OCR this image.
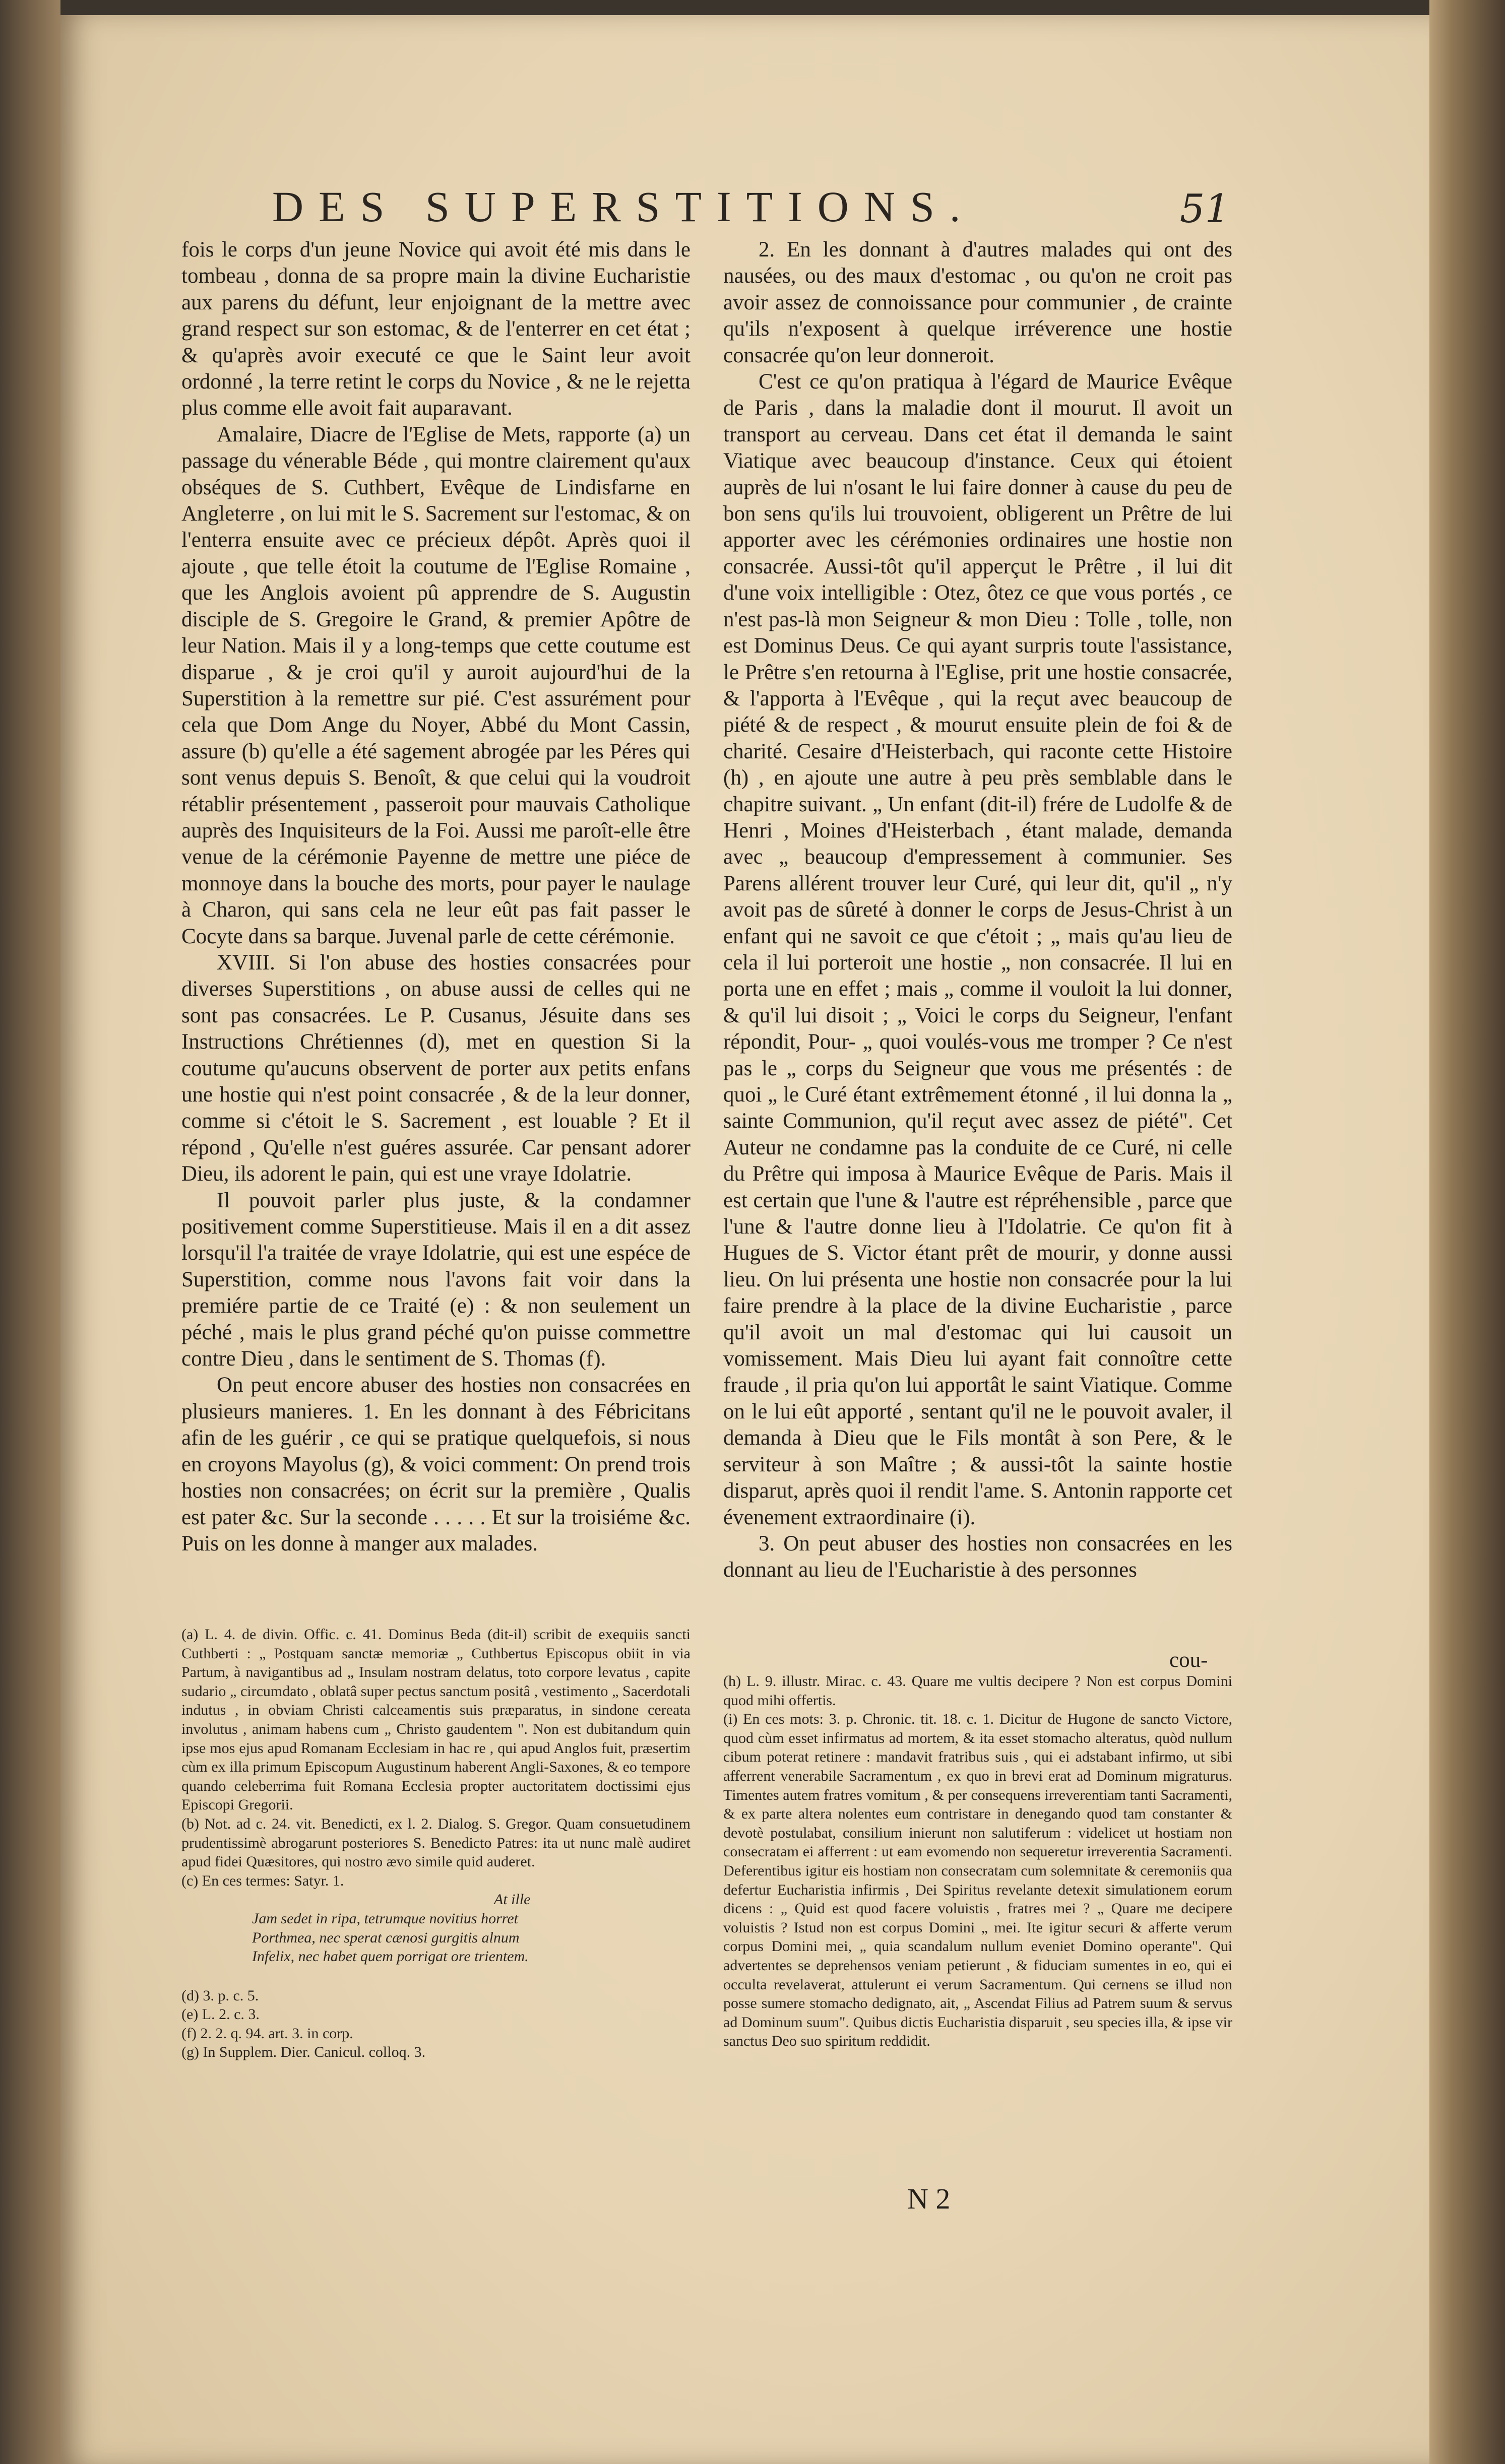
DES SUPERSTITIONS.	51

fois le corps d'un jeune Novice qui avoit été mis dans le tombeau , donna de sa propre main la divine Eucharistie aux parens du défunt, leur enjoignant de la mettre avec grand respect sur son estomac, & de l'enterrer en cet état ; & qu'après avoir executé ce que le Saint leur avoit ordonné , la terre retint le corps du Novice , & ne le rejetta plus comme elle avoit fait auparavant.

Amalaire, Diacre de l'Eglise de Mets, rapporte (a) un passage du vénerable Béde , qui montre clairement qu'aux obséques de S. Cuthbert, Evêque de Lindisfarne en Angleterre , on lui mit le S. Sacrement sur l'estomac, & on l'enterra ensuite avec ce précieux dépôt. Après quoi il ajoute , que telle étoit la coutume de l'Eglise Romaine , que les Anglois avoient pû apprendre de S. Augustin disciple de S. Gregoire le Grand, & premier Apôtre de leur Nation. Mais il y a long-temps que cette coutume est disparue , & je croi qu'il y auroit aujourd'hui de la Superstition à la remettre sur pié. C'est assurément pour cela que Dom Ange du Noyer, Abbé du Mont Cassin, assure (b) qu'elle a été sagement abrogée par les Péres qui sont venus depuis S. Benoît, & que celui qui la voudroit rétablir présentement , passeroit pour mauvais Catholique auprès des Inquisiteurs de la Foi. Aussi me paroît-elle être venue de la cérémonie Payenne de mettre une piéce de monnoye dans la bouche des morts, pour payer le naulage à Charon, qui sans cela ne leur eût pas fait passer le Cocyte dans sa barque. Juvenal parle de cette cérémonie.

XVIII. Si l'on abuse des hosties consacrées pour diverses Superstitions , on abuse aussi de celles qui ne sont pas consacrées. Le P. Cusanus, Jésuite dans ses Instructions Chrétiennes (d), met en question Si la coutume qu'aucuns observent de porter aux petits enfans une hostie qui n'est point consacrée , & de la leur donner, comme si c'étoit le S. Sacrement , est louable ? Et il répond , Qu'elle n'est guéres assurée. Car pensant adorer Dieu, ils adorent le pain, qui est une vraye Idolatrie.

Il pouvoit parler plus juste, & la condamner positivement comme Superstitieuse. Mais il en a dit assez lorsqu'il l'a traitée de vraye Idolatrie, qui est une espéce de Superstition, comme nous l'avons fait voir dans la premiére partie de ce Traité (e) : & non seulement un péché , mais le plus grand péché qu'on puisse commettre contre Dieu , dans le sentiment de S. Thomas (f).

On peut encore abuser des hosties non consacrées en plusieurs manieres. 1. En les donnant à des Fébricitans afin de les guérir , ce qui se pratique quelquefois, si nous en croyons Mayolus (g), & voici comment: On prend trois hosties non consacrées; on écrit sur la première , Qualis est pater &c. Sur la seconde . . . . . Et sur la troisiéme &c. Puis on les donne à manger aux malades.

2. En les donnant à d'autres malades qui ont des nausées, ou des maux d'estomac , ou qu'on ne croit pas avoir assez de connoissance pour communier , de crainte qu'ils n'exposent à quelque irréverence une hostie consacrée qu'on leur donneroit.

C'est ce qu'on pratiqua à l'égard de Maurice Evêque de Paris , dans la maladie dont il mourut. Il avoit un transport au cerveau. Dans cet état il demanda le saint Viatique avec beaucoup d'instance. Ceux qui étoient auprès de lui n'osant le lui faire donner à cause du peu de bon sens qu'ils lui trouvoient, obligerent un Prêtre de lui apporter avec les cérémonies ordinaires une hostie non consacrée. Aussi-tôt qu'il apperçut le Prêtre , il lui dit d'une voix intelligible : Otez, ôtez ce que vous portés , ce n'est pas-là mon Seigneur & mon Dieu : Tolle , tolle, non est Dominus Deus. Ce qui ayant surpris toute l'assistance, le Prêtre s'en retourna à l'Eglise, prit une hostie consacrée, & l'apporta à l'Evêque , qui la reçut avec beaucoup de piété & de respect , & mourut ensuite plein de foi & de charité. Cesaire d'Heisterbach, qui raconte cette Histoire (h) , en ajoute une autre à peu près semblable dans le chapitre suivant. „ Un enfant (dit-il) frére de Ludolfe & de Henri , Moines d'Heisterbach , étant malade, demanda avec „ beaucoup d'empressement à communier. Ses Parens allérent trouver leur Curé, qui leur dit, qu'il „ n'y avoit pas de sûreté à donner le corps de Jesus-Christ à un enfant qui ne savoit ce que c'étoit ; „ mais qu'au lieu de cela il lui porteroit une hostie „ non consacrée. Il lui en porta une en effet ; mais „ comme il vouloit la lui donner, & qu'il lui disoit ; „ Voici le corps du Seigneur, l'enfant répondit, Pour- „ quoi voulés-vous me tromper ? Ce n'est pas le „ corps du Seigneur que vous me présentés : de quoi „ le Curé étant extrêmement étonné , il lui donna la „ sainte Communion, qu'il reçut avec assez de piété". Cet Auteur ne condamne pas la conduite de ce Curé, ni celle du Prêtre qui imposa à Maurice Evêque de Paris. Mais il est certain que l'une & l'autre est répréhensible , parce que l'une & l'autre donne lieu à l'Idolatrie. Ce qu'on fit à Hugues de S. Victor étant prêt de mourir, y donne aussi lieu. On lui présenta une hostie non consacrée pour la lui faire prendre à la place de la divine Eucharistie , parce qu'il avoit un mal d'estomac qui lui causoit un vomissement. Mais Dieu lui ayant fait connoître cette fraude , il pria qu'on lui apportât le saint Viatique. Comme on le lui eût apporté , sentant qu'il ne le pouvoit avaler, il demanda à Dieu que le Fils montât à son Pere, & le serviteur à son Maître ; & aussi-tôt la sainte hostie disparut, après quoi il rendit l'ame. S. Antonin rapporte cet évenement extraordinaire (i).

3. On peut abuser des hosties non consacrées en les donnant au lieu de l'Eucharistie à des personnes

cou-

(a) L. 4. de divin. Offic. c. 41. Dominus Beda (dit-il) scribit de exequiis sancti Cuthberti : „ Postquam sanctæ memoriæ „ Cuthbertus Episcopus obiit in via Partum, à navigantibus ad „ Insulam nostram delatus, toto corpore levatus , capite sudario „ circumdato , oblatâ super pectus sanctum positâ , vestimento „ Sacerdotali indutus , in obviam Christi calceamentis suis præparatus, in sindone cereata involutus , animam habens cum „ Christo gaudentem ". Non est dubitandum quin ipse mos ejus apud Romanam Ecclesiam in hac re , qui apud Anglos fuit, præsertim cùm ex illa primum Episcopum Augustinum haberent Angli-Saxones, & eo tempore quando celeberrima fuit Romana Ecclesia propter auctoritatem doctissimi ejus Episcopi Gregorii.

(b) Not. ad c. 24. vit. Benedicti, ex l. 2. Dialog. S. Gregor. Quam consuetudinem prudentissimè abrogarunt posteriores S. Benedicto Patres: ita ut nunc malè audiret apud fidei Quæsitores, qui nostro ævo simile quid auderet.

(c) En ces termes: Satyr. 1.

At ille

Jam sedet in ripa, tetrumque novitius horret

Porthmea, nec sperat cænosi gurgitis alnum

Infelix, nec habet quem porrigat ore trientem.

(d) 3. p. c. 5.

(e) L. 2. c. 3.

(f) 2. 2. q. 94. art. 3. in corp.

(g) In Supplem. Dier. Canicul. colloq. 3.

(h) L. 9. illustr. Mirac. c. 43. Quare me vultis decipere ? Non est corpus Domini quod mihi offertis.

(i) En ces mots: 3. p. Chronic. tit. 18. c. 1. Dicitur de Hugone de sancto Victore, quod cùm esset infirmatus ad mortem, & ita esset stomacho alteratus, quòd nullum cibum poterat retinere : mandavit fratribus suis , qui ei adstabant infirmo, ut sibi afferrent venerabile Sacramentum , ex quo in brevi erat ad Dominum migraturus. Timentes autem fratres vomitum , & per consequens irreverentiam tanti Sacramenti, & ex parte altera nolentes eum contristare in denegando quod tam constanter & devotè postulabat, consilium inierunt non salutiferum : videlicet ut hostiam non consecratam ei afferrent : ut eam evomendo non sequeretur irreverentia Sacramenti. Deferentibus igitur eis hostiam non consecratam cum solemnitate & ceremoniis qua defertur Eucharistia infirmis , Dei Spiritus revelante detexit simulationem eorum dicens : „ Quid est quod facere voluistis , fratres mei ? „ Quare me decipere voluistis ? Istud non est corpus Domini „ mei. Ite igitur securi & afferte verum corpus Domini mei, „ quia scandalum nullum eveniet Domino operante". Qui advertentes se deprehensos veniam petierunt , & fiduciam sumentes in eo, qui ei occulta revelaverat, attulerunt ei verum Sacramentum. Qui cernens se illud non posse sumere stomacho dedignato, ait, „ Ascendat Filius ad Patrem suum & servus ad Dominum suum". Quibus dictis Eucharistia disparuit , seu species illa, & ipse vir sanctus Deo suo spiritum reddidit.

N 2
